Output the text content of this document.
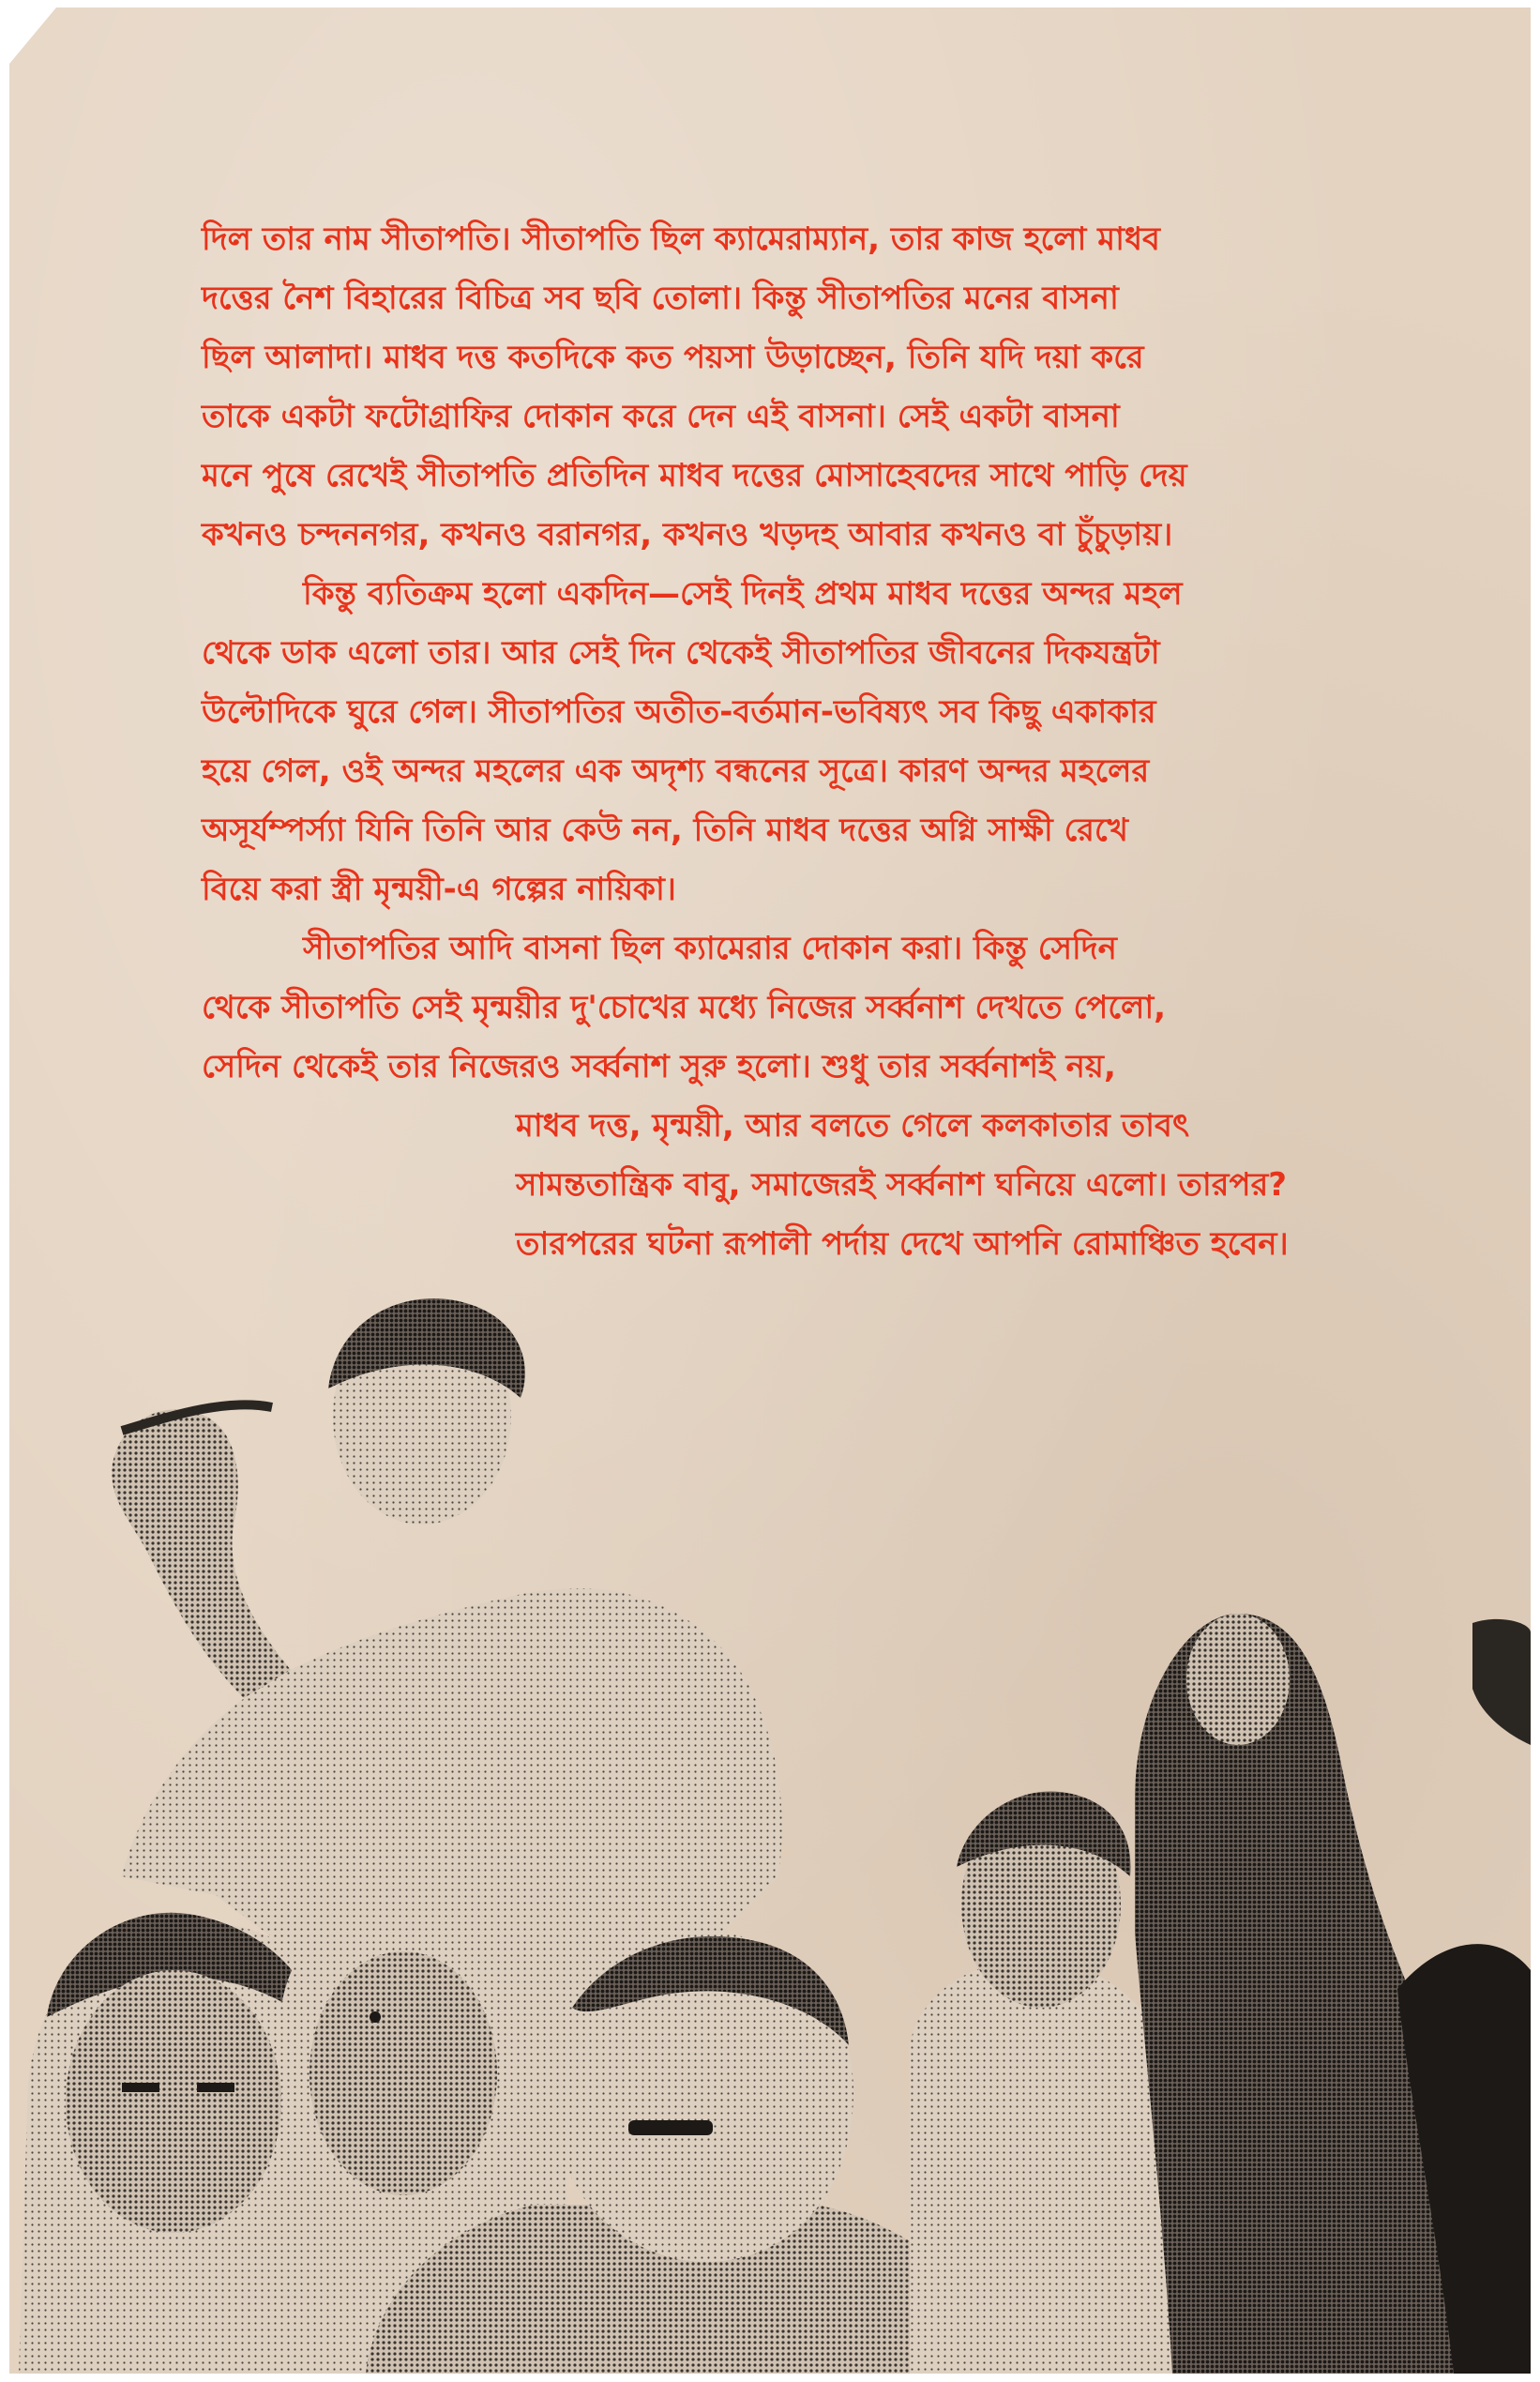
দিল তার নাম সীতাপতি। সীতাপতি ছিল ক্যামেরাম্যান, তার কাজ হলো মাধব
দত্তের নৈশ বিহারের বিচিত্র সব ছবি তোলা। কিন্তু সীতাপতির মনের বাসনা
ছিল আলাদা। মাধব দত্ত কতদিকে কত পয়সা উড়াচ্ছেন, তিনি যদি দয়া করে
তাকে একটা ফটোগ্রাফির দোকান করে দেন এই বাসনা। সেই একটা বাসনা
মনে পুষে রেখেই সীতাপতি প্রতিদিন মাধব দত্তের মোসাহেবদের সাথে পাড়ি দেয়
কখনও চন্দননগর, কখনও বরানগর, কখনও খড়দহ আবার কখনও বা চুঁচুড়ায়।
কিন্তু ব্যতিক্রম হলো একদিন—সেই দিনই প্রথম মাধব দত্তের অন্দর মহল
থেকে ডাক এলো তার। আর সেই দিন থেকেই সীতাপতির জীবনের দিকযন্ত্রটা
উল্টোদিকে ঘুরে গেল। সীতাপতির অতীত-বর্তমান-ভবিষ্যৎ সব কিছু একাকার
হয়ে গেল, ওই অন্দর মহলের এক অদৃশ্য বন্ধনের সূত্রে। কারণ অন্দর মহলের
অসূর্যম্পর্স্যা যিনি তিনি আর কেউ নন, তিনি মাধব দত্তের অগ্নি সাক্ষী রেখে
বিয়ে করা স্ত্রী মৃন্ময়ী-এ গল্পের নায়িকা।
সীতাপতির আদি বাসনা ছিল ক্যামেরার দোকান করা। কিন্তু সেদিন
থেকে সীতাপতি সেই মৃন্ময়ীর দু'চোখের মধ্যে নিজের সর্ব্বনাশ দেখতে পেলো,
সেদিন থেকেই তার নিজেরও সর্ব্বনাশ সুরু হলো। শুধু তার সর্ব্বনাশই নয়,
মাধব দত্ত, মৃন্ময়ী, আর বলতে গেলে কলকাতার তাবৎ
সামন্ততান্ত্রিক বাবু, সমাজেরই সর্ব্বনাশ ঘনিয়ে এলো। তারপর?
তারপরের ঘটনা রূপালী পর্দায় দেখে আপনি রোমাঞ্চিত হবেন।
